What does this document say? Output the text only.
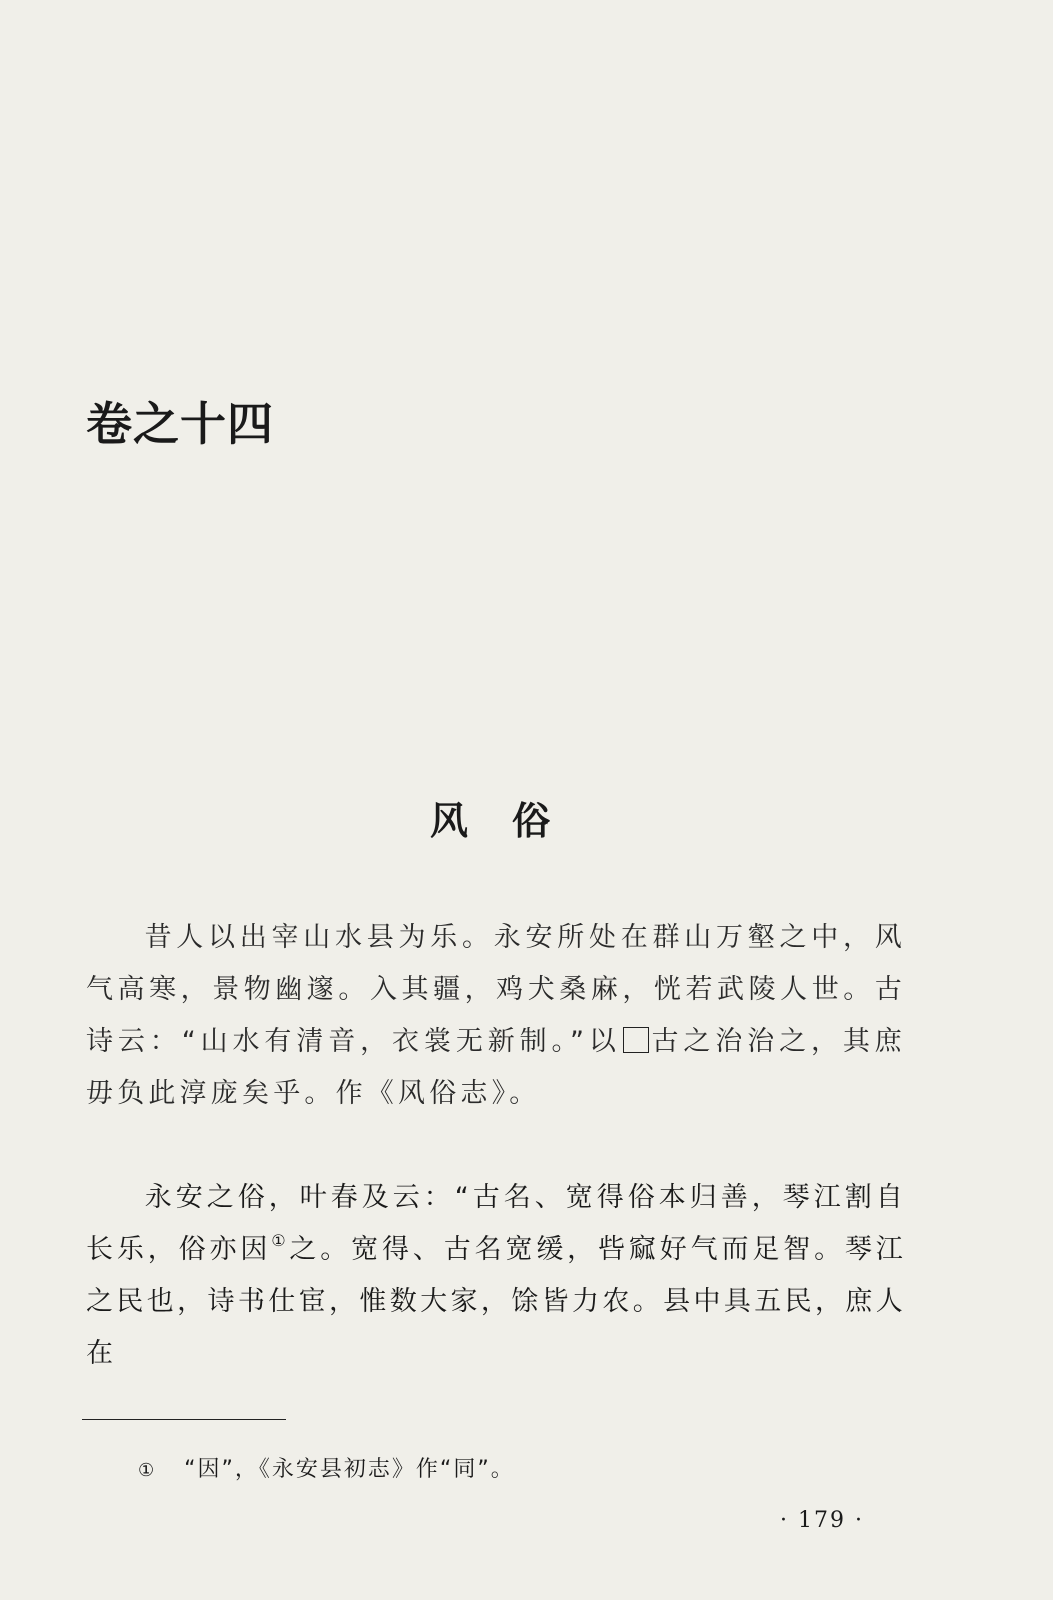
卷之十四
风 俗

昔人以出宰山水县为乐。永安所处在群山万壑之中，风气高寒，景物幽邃。入其疆，鸡犬桑麻，恍若武陵人世。古诗云：“山水有清音，衣裳无新制。”以 古之治治之，其庶毋负此淳庞矣乎。作《风俗志》。

永安之俗，叶春及云：“古名、宽得俗本归善，琴江割自长乐，俗亦因①之。宽得、古名宽缓，呰窳好气而足智。琴江之民也，诗书仕宦，惟数大家，馀皆力农。县中具五民，庶人在

① “因”，《永安县初志》作“同”。

· 179 ·
